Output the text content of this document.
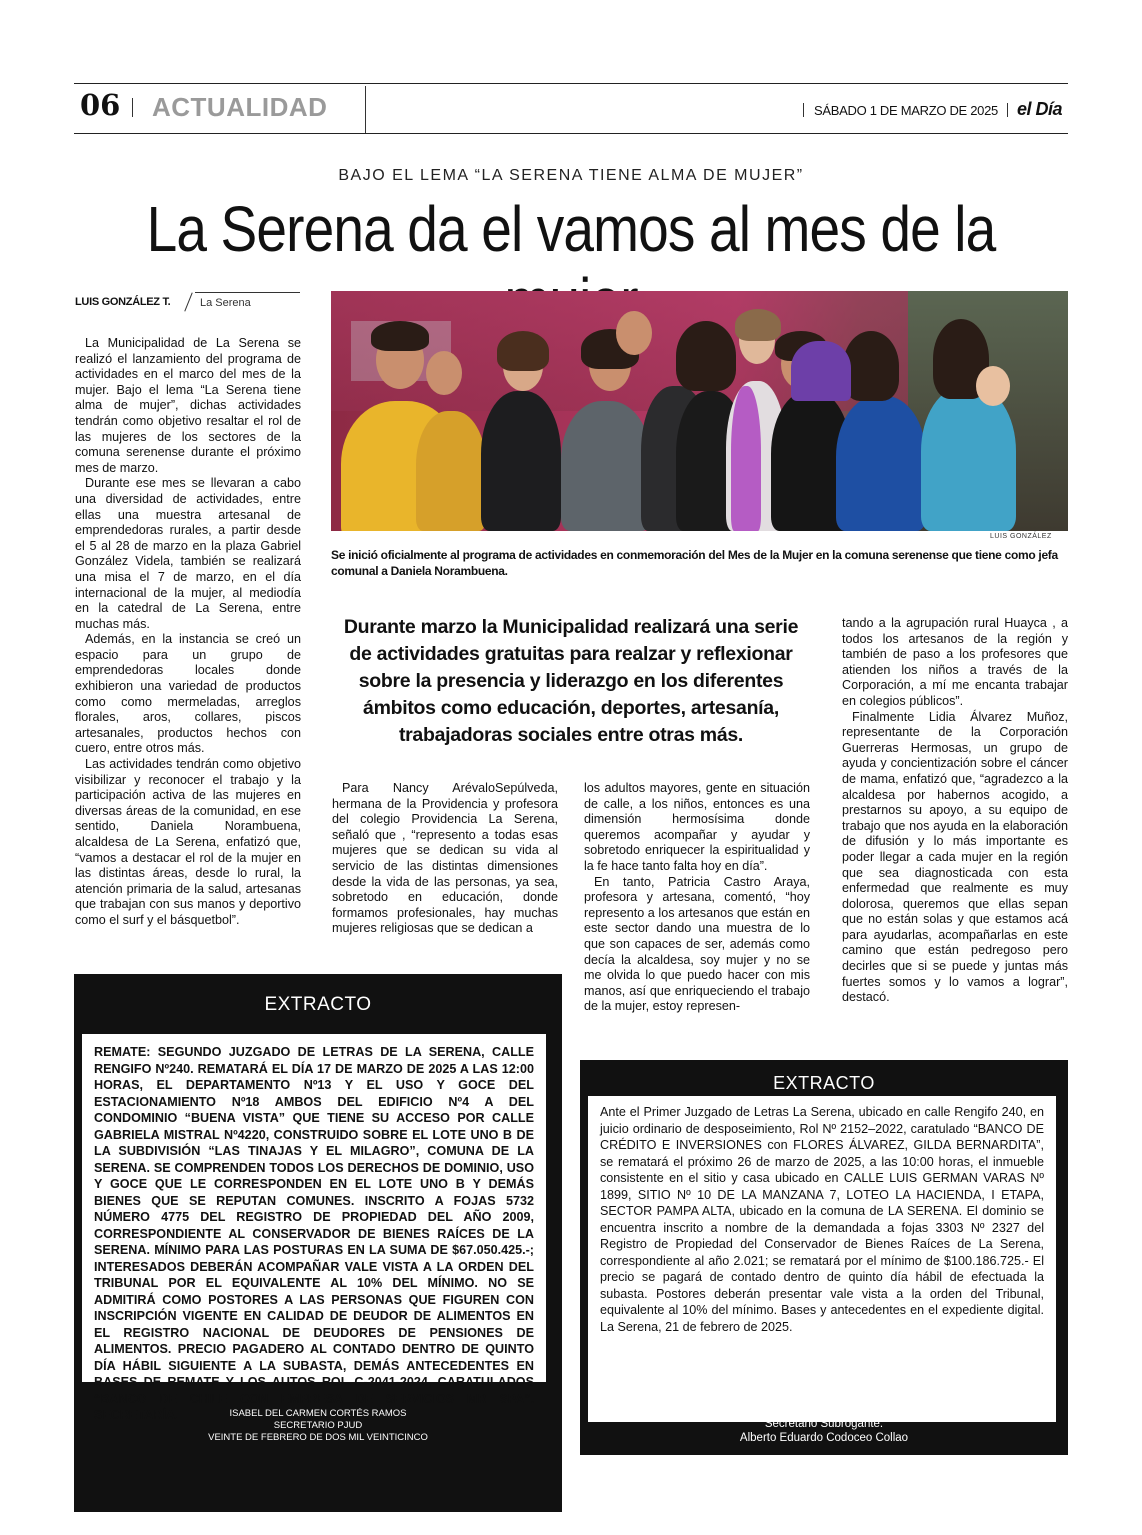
06 ACTUALIDAD	SÁBADO 1 DE MARZO DE 2025 el Día
BAJO EL LEMA “LA SERENA TIENE ALMA DE MUJER”
La Serena da el vamos al mes de la
LUIS GONZÁLEZ T.	La Serena

La Municipalidad de La Serena se realizó el lanzamiento del programa de actividades en el marco del mes de la mujer. Bajo el lema “La Serena tiene alma de mujer”, dichas actividades tendrán como objetivo resaltar el rol de las mujeres de los sectores de la comuna serenense durante el próximo mes de marzo.

Durante ese mes se llevaran a cabo una diversidad de actividades, entre ellas una muestra artesanal de emprendedoras rurales, a partir desde el 5 al 28 de marzo en la plaza Gabriel González Videla, también se realizará una misa el 7 de marzo, en el día internacional de la mujer, al mediodía en la catedral de La Serena, entre muchas más.

Además, en la instancia se creó un espacio para un grupo de emprendedoras locales donde exhibieron una variedad de productos como como mermeladas, arreglos florales, aros, collares, piscos artesanales, productos hechos con cuero, entre otros más.

Las actividades tendrán como objetivo visibilizar y reconocer el trabajo y la participación activa de las mujeres en diversas áreas de la comunidad, en ese sentido, Daniela Norambuena, alcaldesa de La Serena, enfatizó que, “vamos a destacar el rol de la mujer en las distintas áreas, desde lo rural, la atención primaria de la salud, artesanas que trabajan con sus manos y deportivo como el surf y el básquetbol”.

LUIS GONZÁLEZ
Se inició oficialmente al programa de actividades en conmemoración del Mes de la Mujer en la comuna serenense que tiene como jefa comunal a Daniela Norambuena.
Durante marzo la Municipalidad realizará una serie de actividades gratuitas para realzar y reflexionar sobre la presencia y liderazgo en los diferentes ámbitos como educación, deportes, artesanía, trabajadoras sociales entre otras más.

Para Nancy ArévaloSepúlveda, hermana de la Providencia y profesora del colegio Providencia La Serena, señaló que , “represento a todas esas mujeres que se dedican su vida al servicio de las distintas dimensiones desde la vida de las personas, ya sea, sobretodo en educación, donde formamos profesionales, hay muchas mujeres religiosas que se dedican a

los adultos mayores, gente en situación de calle, a los niños, entonces es una dimensión hermosísima donde queremos acompañar y ayudar y sobretodo enriquecer la espiritualidad y la fe hace tanto falta hoy en día”.

En tanto, Patricia Castro Araya, profesora y artesana, comentó, “hoy represento a los artesanos que están en este sector dando una muestra de lo que son capaces de ser, además como decía la alcaldesa, soy mujer y no se me olvida lo que puedo hacer con mis manos, así que enriqueciendo el trabajo de la mujer, estoy represen-

tando a la agrupación rural Huayca , a todos los artesanos de la región y también de paso a los profesores que atienden los niños a través de la Corporación, a mí me encanta trabajar en colegios públicos”.

Finalmente Lidia Álvarez Muñoz, representante de la Corporación Guerreras Hermosas, un grupo de ayuda y concientización sobre el cáncer de mama, enfatizó que, “agradezco a la alcaldesa por habernos acogido, a prestarnos su apoyo, a su equipo de trabajo que nos ayuda en la elaboración de difusión y lo más importante es poder llegar a cada mujer en la región que sea diagnosticada con esta enfermedad que realmente es muy dolorosa, queremos que ellas sepan que no están solas y que estamos acá para ayudarlas, acompañarlas en este camino que están pedregoso pero decirles que si se puede y juntas más fuertes somos y lo vamos a lograr”, destacó.

EXTRACTO
REMATE: SEGUNDO JUZGADO DE LETRAS DE LA SERENA, CALLE RENGIFO Nº240. REMATARÁ EL DÍA 17 DE MARZO DE 2025 A LAS 12:00 HORAS, EL DEPARTAMENTO Nº13 Y EL USO Y GOCE DEL ESTACIONAMIENTO Nº18 AMBOS DEL EDIFICIO Nº4 A DEL CONDOMINIO “BUENA VISTA” QUE TIENE SU ACCESO POR CALLE GABRIELA MISTRAL Nº4220, CONSTRUIDO SOBRE EL LOTE UNO B DE LA SUBDIVISIÓN “LAS TINAJAS Y EL MILAGRO”, COMUNA DE LA SERENA. SE COMPRENDEN TODOS LOS DERECHOS DE DOMINIO, USO Y GOCE QUE LE CORRESPONDEN EN EL LOTE UNO B Y DEMÁS BIENES QUE SE REPUTAN COMUNES. INSCRITO A FOJAS 5732 NÚMERO 4775 DEL REGISTRO DE PROPIEDAD DEL AÑO 2009, CORRESPONDIENTE AL CONSERVADOR DE BIENES RAÍCES DE LA SERENA. MÍNIMO PARA LAS POSTURAS EN LA SUMA DE $67.050.425.-; INTERESADOS DEBERÁN ACOMPAÑAR VALE VISTA A LA ORDEN DEL TRIBUNAL POR EL EQUIVALENTE AL 10% DEL MÍNIMO. NO SE ADMITIRÁ COMO POSTORES A LAS PERSONAS QUE FIGUREN CON INSCRIPCIÓN VIGENTE EN CALIDAD DE DEUDOR DE ALIMENTOS EN EL REGISTRO NACIONAL DE DEUDORES DE PENSIONES DE ALIMENTOS. PRECIO PAGADERO AL CONTADO DENTRO DE QUINTO DÍA HÁBIL SIGUIENTE A LA SUBASTA, DEMÁS ANTECEDENTES EN BASES DE REMATE Y LOS AUTOS ROL C-2041-2024, CARATULADOS “BANCO DE CHILE CON EMPRESA DE SERVICIOS MR SPA”. SECRETARÍA.	ISABEL DEL CARMEN CORTÉS RAMOS
SECRETARIO PJUD
VEINTE DE FEBRERO DE DOS MIL VEINTICINCO
EXTRACTO
Ante el Primer Juzgado de Letras La Serena, ubicado en calle Rengifo 240, en juicio ordinario de desposeimiento, Rol Nº 2152–2022, caratulado “BANCO DE CRÉDITO E INVERSIONES con FLORES ÁLVAREZ, GILDA BERNARDITA”, se rematará el próximo 26 de marzo de 2025, a las 10:00 horas, el inmueble consistente en el sitio y casa ubicado en CALLE LUIS GERMAN VARAS Nº 1899, SITIO Nº 10 DE LA MANZANA 7, LOTEO LA HACIENDA, I ETAPA, SECTOR PAMPA ALTA, ubicado en la comuna de LA SERENA. El dominio se encuentra inscrito a nombre de la demandada a fojas 3303 Nº 2327 del Registro de Propiedad del Conservador de Bienes Raíces de La Serena, correspondiente al año 2.021; se rematará por el mínimo de $100.186.725.- El precio se pagará de contado dentro de quinto día hábil de efectuada la subasta. Postores deberán presentar vale vista a la orden del Tribunal, equivalente al 10% del mínimo. Bases y antecedentes en el expediente digital. La Serena, 21 de febrero de 2025.
Secretario Subrogante.
Alberto Eduardo Codoceo Collao
